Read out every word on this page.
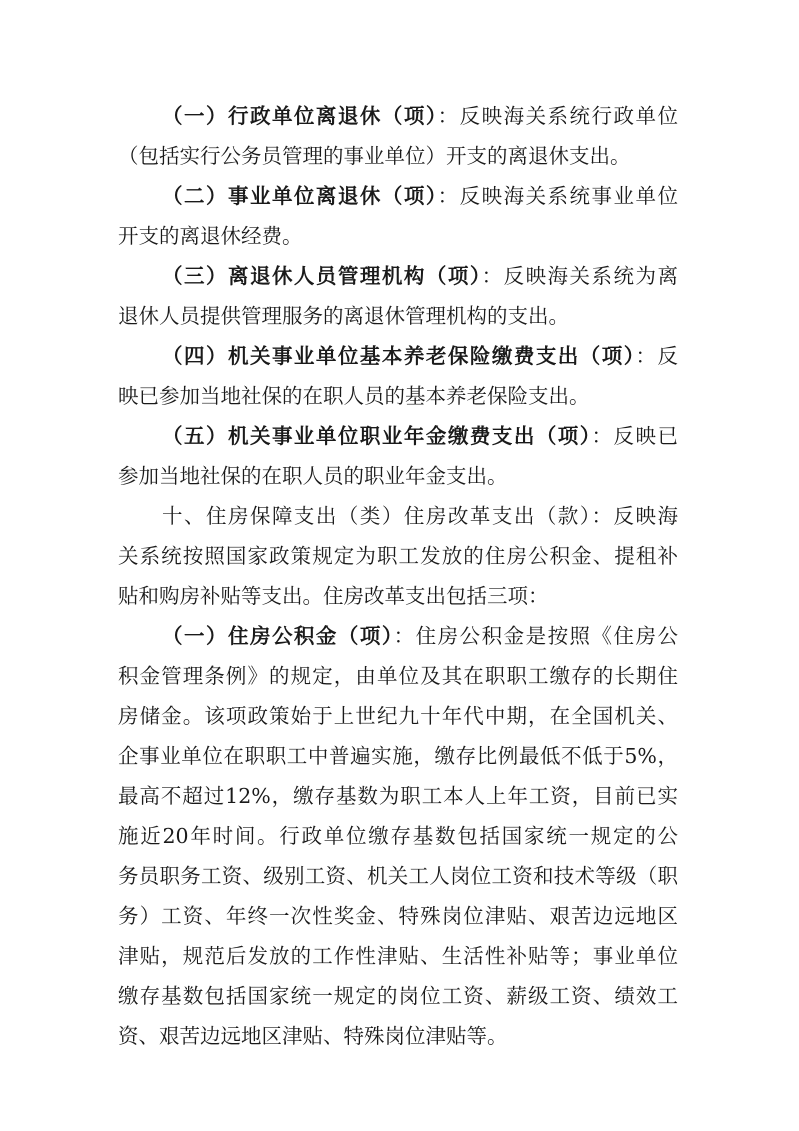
（一）行政单位离退休（项）：反映海关系统行政单位
（包括实行公务员管理的事业单位）开支的离退休支出。
（二）事业单位离退休（项）：反映海关系统事业单位
开支的离退休经费。
（三）离退休人员管理机构（项）：反映海关系统为离
退休人员提供管理服务的离退休管理机构的支出。
（四）机关事业单位基本养老保险缴费支出（项）：反
映已参加当地社保的在职人员的基本养老保险支出。
（五）机关事业单位职业年金缴费支出（项）：反映已
参加当地社保的在职人员的职业年金支出。
十、住房保障支出（类）住房改革支出（款）：反映海
关系统按照国家政策规定为职工发放的住房公积金、提租补
贴和购房补贴等支出。住房改革支出包括三项：
（一）住房公积金（项）：住房公积金是按照《住房公
积金管理条例》的规定，由单位及其在职职工缴存的长期住
房储金。该项政策始于上世纪九十年代中期，在全国机关、
企事业单位在职职工中普遍实施，缴存比例最低不低于5%，
最高不超过12%，缴存基数为职工本人上年工资，目前已实
施近20年时间。行政单位缴存基数包括国家统一规定的公
务员职务工资、级别工资、机关工人岗位工资和技术等级（职
务）工资、年终一次性奖金、特殊岗位津贴、艰苦边远地区
津贴，规范后发放的工作性津贴、生活性补贴等；事业单位
缴存基数包括国家统一规定的岗位工资、薪级工资、绩效工
资、艰苦边远地区津贴、特殊岗位津贴等。
